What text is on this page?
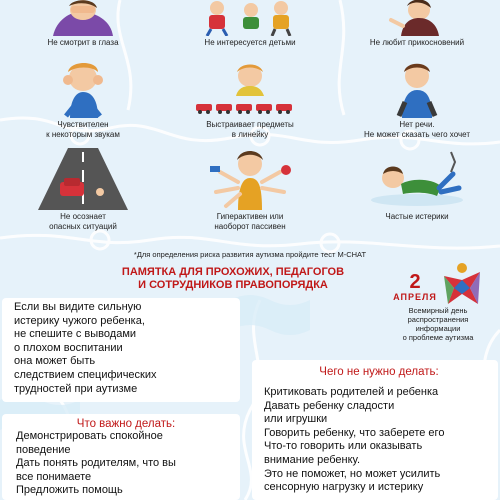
Не смотрит в глаза	Не интересуется детьми	Не любит прикосновений
Чувствителен
к некоторым звукам
Выстраивает предметы
в линейку
Нет речи.
Не может сказать чего хочет
Не осознает
опасных ситуаций
Гиперактивен или
наоборот пассивен
Частые истерики
*Для определения риска развития аутизма пройдите тест M-CHAT
ПАМЯТКА ДЛЯ ПРОХОЖИХ, ПЕДАГОГОВ
И СОТРУДНИКОВ ПРАВОПОРЯДКА	2
АПРЕЛЯ
Всемирный день
распространения
информации
о проблеме аутизма
Если вы видите сильную
истерику чужого ребенка,
не спешите с выводами
о плохом воспитании
она может быть
следствием специфических
трудностей при аутизме
Что важно делать:
Демонстрировать спокойное
поведение
Дать понять родителям, что вы
все понимаете
Предложить помощь
Чего не нужно делать:
Критиковать родителей и ребенка
Давать ребенку сладости
или игрушки
Говорить ребенку, что заберете его
Что-то говорить или оказывать
внимание ребенку.
Это не поможет, но может усилить
сенсорную нагрузку и истерику
